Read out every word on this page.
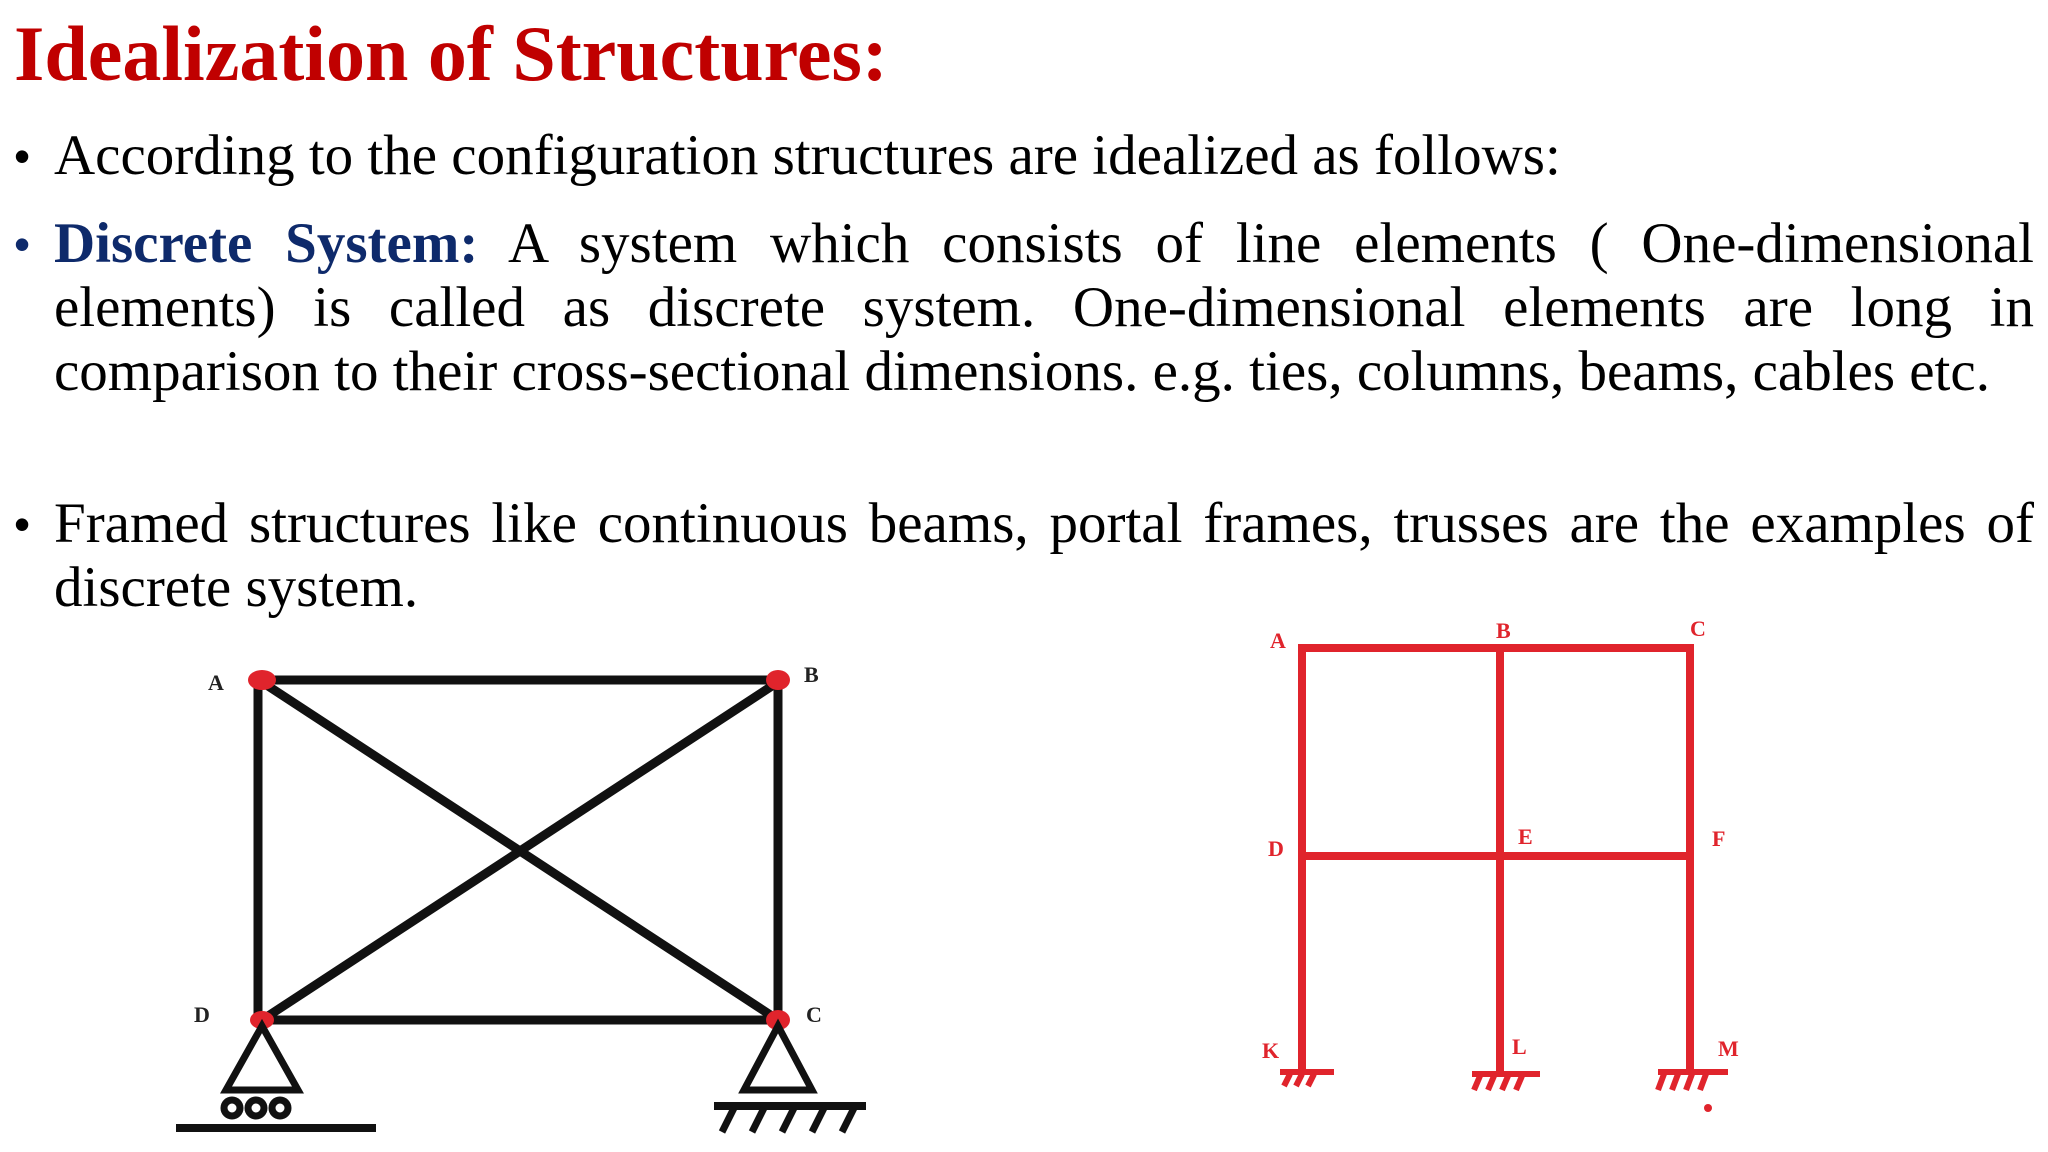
Idealization of Structures:
• According to the configuration structures are idealized as follows:
• Discrete System: A system which consists of line elements ( One-dimensional elements) is called as discrete system. One-dimensional elements are long in comparison to their cross-sectional dimensions. e.g. ties, columns, beams, cables etc.
• Framed structures like continuous beams, portal frames, trusses are the examples of discrete system.
A	B
C
D
A	B	C
D	E	F
K	L	M
